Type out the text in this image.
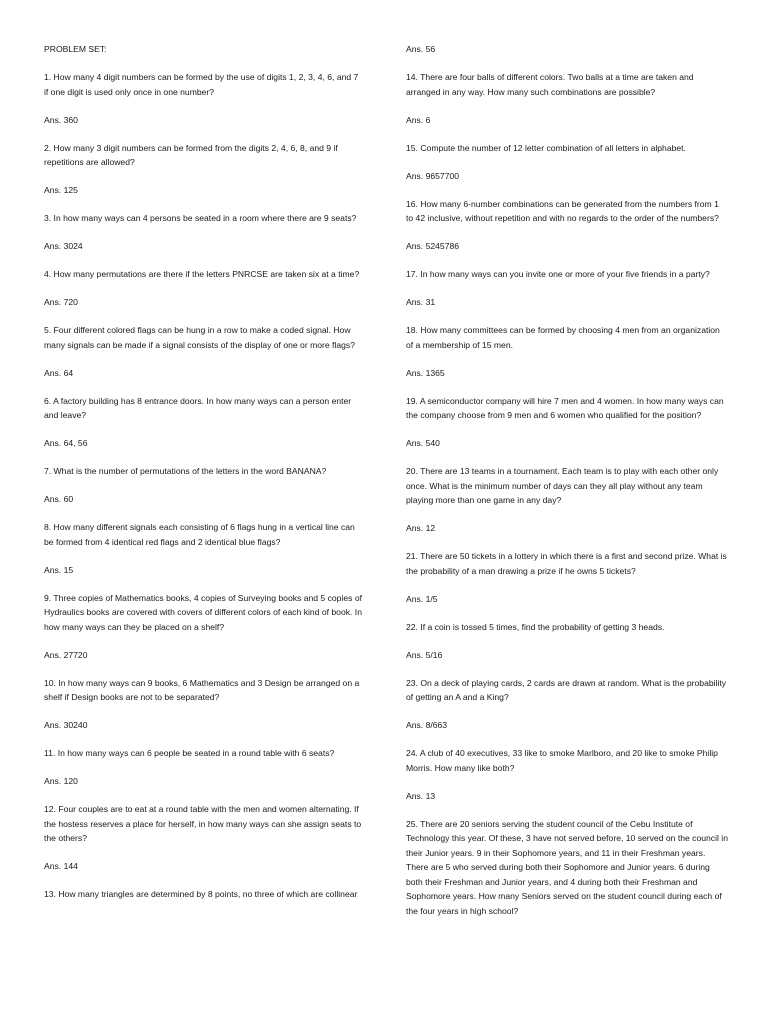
PROBLEM SET:
1. How many 4 digit numbers can be formed by the use of digits 1, 2, 3, 4, 6, and 7 if one digit is used only once in one number?
Ans. 360
2. How many 3 digit numbers can be formed from the digits 2, 4, 6, 8, and 9 if repetitions are allowed?
Ans. 125
3. In how many ways can 4 persons be seated in a room where there are 9 seats?
Ans. 3024
4. How many permutations are there if the letters PNRCSE are taken six at a time?
Ans. 720
5. Four different colored flags can be hung in a row to make a coded signal. How many signals can be made if a signal consists of the display of one or more flags?
Ans. 64
6. A factory building has 8 entrance doors. In how many ways can a person enter and leave?
Ans. 64, 56
7. What is the number of permutations of the letters in the word BANANA?
Ans. 60
8. How many different signals each consisting of 6 flags hung in a vertical line can be formed from 4 identical red flags and 2 identical blue flags?
Ans. 15
9. Three copies of Mathematics books, 4 copies of Surveying books and 5 copies of Hydraulics books are covered with covers of different colors of each kind of book. In how many ways can they be placed on a shelf?
Ans. 27720
10. In how many ways can 9 books, 6 Mathematics and 3 Design be arranged on a shelf if Design books are not to be separated?
Ans. 30240
11. In how many ways can 6 people be seated in a round table with 6 seats?
Ans. 120
12. Four couples are to eat at a round table with the men and women alternating. If the hostess reserves a place for herself, in how many ways can she assign seats to the others?
Ans. 144
13. How many triangles are determined by 8 points, no three of which are collinear
Ans. 56
14. There are four balls of different colors. Two balls at a time are taken and arranged in any way. How many such combinations are possible?
Ans. 6
15. Compute the number of 12 letter combination of all letters in alphabet.
Ans. 9657700
16. How many 6-number combinations can be generated from the numbers from 1 to 42 inclusive, without repetition and with no regards to the order of the numbers?
Ans. 5245786
17. In how many ways can you invite one or more of your five friends in a party?
Ans. 31
18. How many committees can be formed by choosing 4 men from an organization of a membership of 15 men.
Ans. 1365
19. A semiconductor company will hire 7 men and 4 women. In how many ways can the company choose from 9 men and 6 women who qualified for the position?
Ans. 540
20. There are 13 teams in a tournament. Each team is to play with each other only once. What is the minimum number of days can they all play without any team playing more than one game in any day?
Ans. 12
21. There are 50 tickets in a lottery in which there is a first and second prize. What is the probability of a man drawing a prize if he owns 5 tickets?
Ans. 1/5
22. If a coin is tossed 5 times, find the probability of getting 3 heads.
Ans. 5/16
23. On a deck of playing cards, 2 cards are drawn at random. What is the probability of getting an A and a King?
Ans. 8/663
24. A club of 40 executives, 33 like to smoke Marlboro, and 20 like to smoke Philip Morris. How many like both?
Ans. 13
25. There are 20 seniors serving the student council of the Cebu Institute of Technology this year. Of these, 3 have not served before, 10 served on the council in their Junior years. 9 in their Sophomore years, and 11 in their Freshman years. There are 5 who served during both their Sophomore and Junior years. 6 during both their Freshman and Junior years, and 4 during both their Freshman and Sophomore years. How many Seniors served on the student council during each of the four years in high school?
